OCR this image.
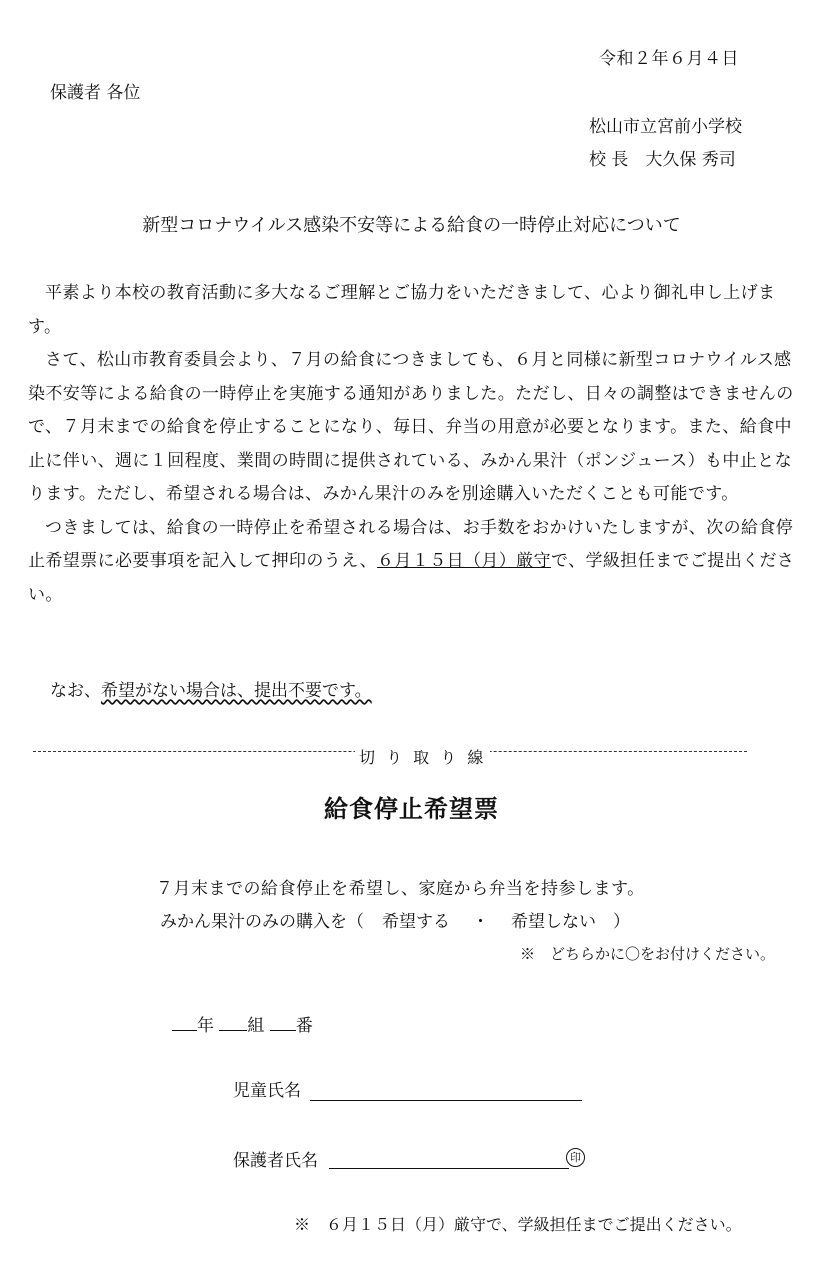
令和２年６月４日
保護者 各位
松山市立宮前小学校
校 長　大久保 秀司
新型コロナウイルス感染不安等による給食の一時停止対応について

平素より本校の教育活動に多大なるご理解とご協力をいただきまして、心より御礼申し上げます。

さて、松山市教育委員会より、７月の給食につきましても、６月と同様に新型コロナウイルス感染不安等による給食の一時停止を実施する通知がありました。ただし、日々の調整はできませんので、７月末までの給食を停止することになり、毎日、弁当の用意が必要となります。また、給食中止に伴い、週に１回程度、業間の時間に提供されている、みかん果汁（ポンジュース）も中止となります。ただし、希望される場合は、みかん果汁のみを別途購入いただくことも可能です。

つきましては、給食の一時停止を希望される場合は、お手数をおかけいたしますが、次の給食停止希望票に必要事項を記入して押印のうえ、６月１５日（月）厳守で、学級担任までご提出ください。

なお、希望がない場合は、提出不要です。
切 り 取 り 線
給食停止希望票
７月末までの給食停止を希望し、家庭から弁当を持参します。
みかん果汁のみの購入を（ 希望する ・ 希望しない　）
※　どちらかに〇をお付けください。
年 組 番
児童氏名
保護者氏名	印
※　６月１５日（月）厳守で、学級担任までご提出ください。
